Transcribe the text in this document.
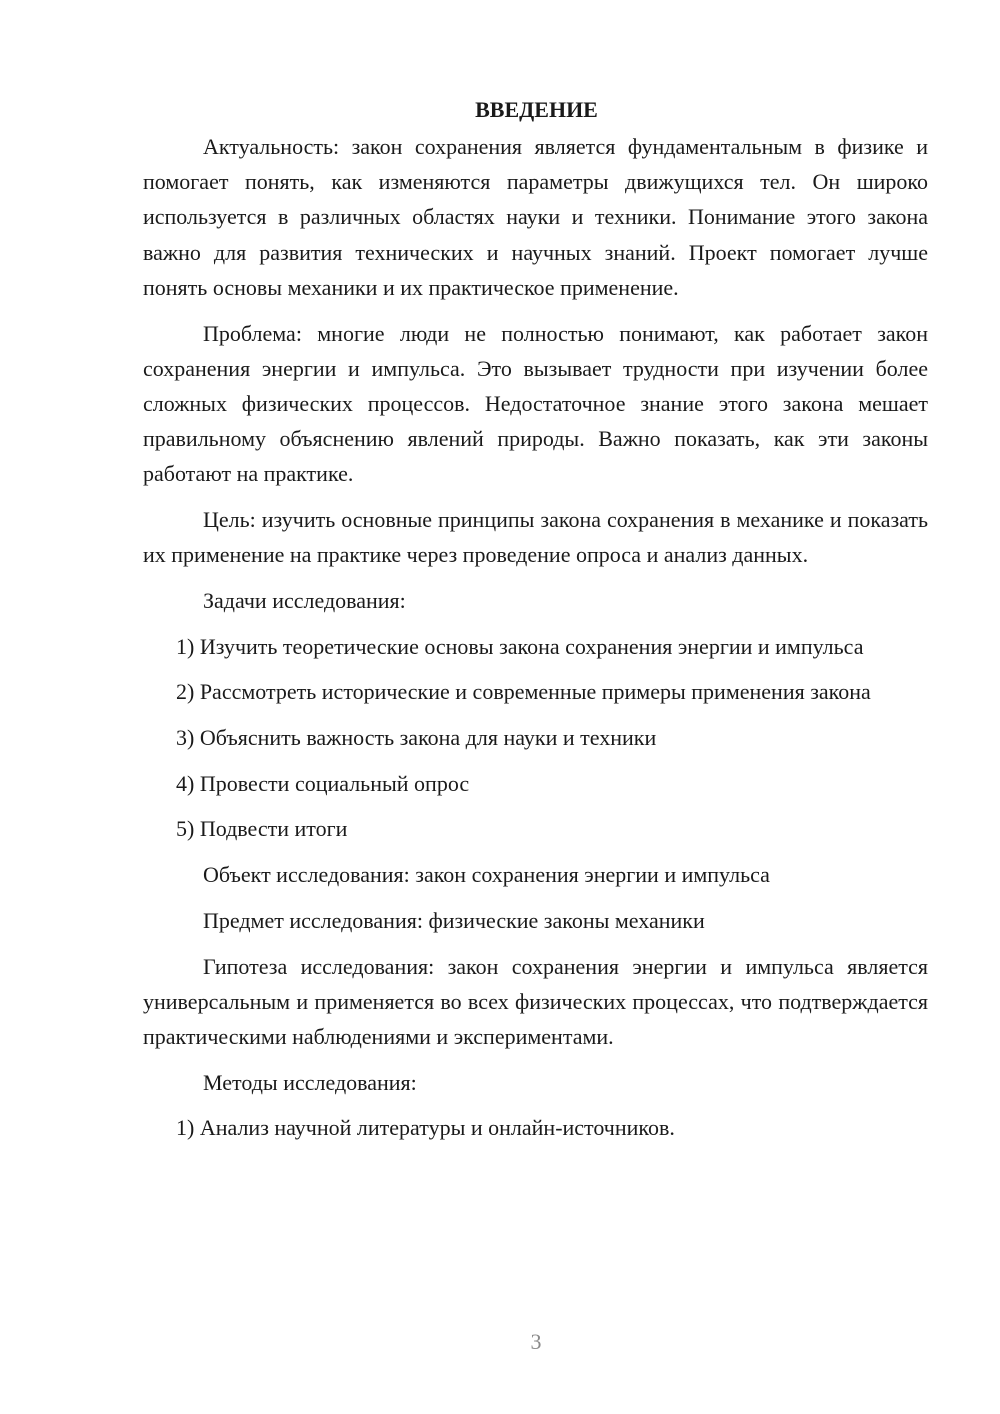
ВВЕДЕНИЕ

Актуальность: закон сохранения является фундаментальным в физике и помогает понять, как изменяются параметры движущихся тел. Он широко используется в различных областях науки и техники. Понимание этого закона важно для развития технических и научных знаний. Проект помогает лучше понять основы механики и их практическое применение.

Проблема: многие люди не полностью понимают, как работает закон сохранения энергии и импульса. Это вызывает трудности при изучении более сложных физических процессов. Недостаточное знание этого закона мешает правильному объяснению явлений природы. Важно показать, как эти законы работают на практике.

Цель: изучить основные принципы закона сохранения в механике и показать их применение на практике через проведение опроса и анализ данных.

Задачи исследования:

1) Изучить теоретические основы закона сохранения энергии и импульса

2) Рассмотреть исторические и современные примеры применения закона

3) Объяснить важность закона для науки и техники

4) Провести социальный опрос

5) Подвести итоги

Объект исследования: закон сохранения энергии и импульса

Предмет исследования: физические законы механики

Гипотеза исследования: закон сохранения энергии и импульса является универсальным и применяется во всех физических процессах, что подтверждается практическими наблюдениями и экспериментами.

Методы исследования:

1) Анализ научной литературы и онлайн-источников.

3
